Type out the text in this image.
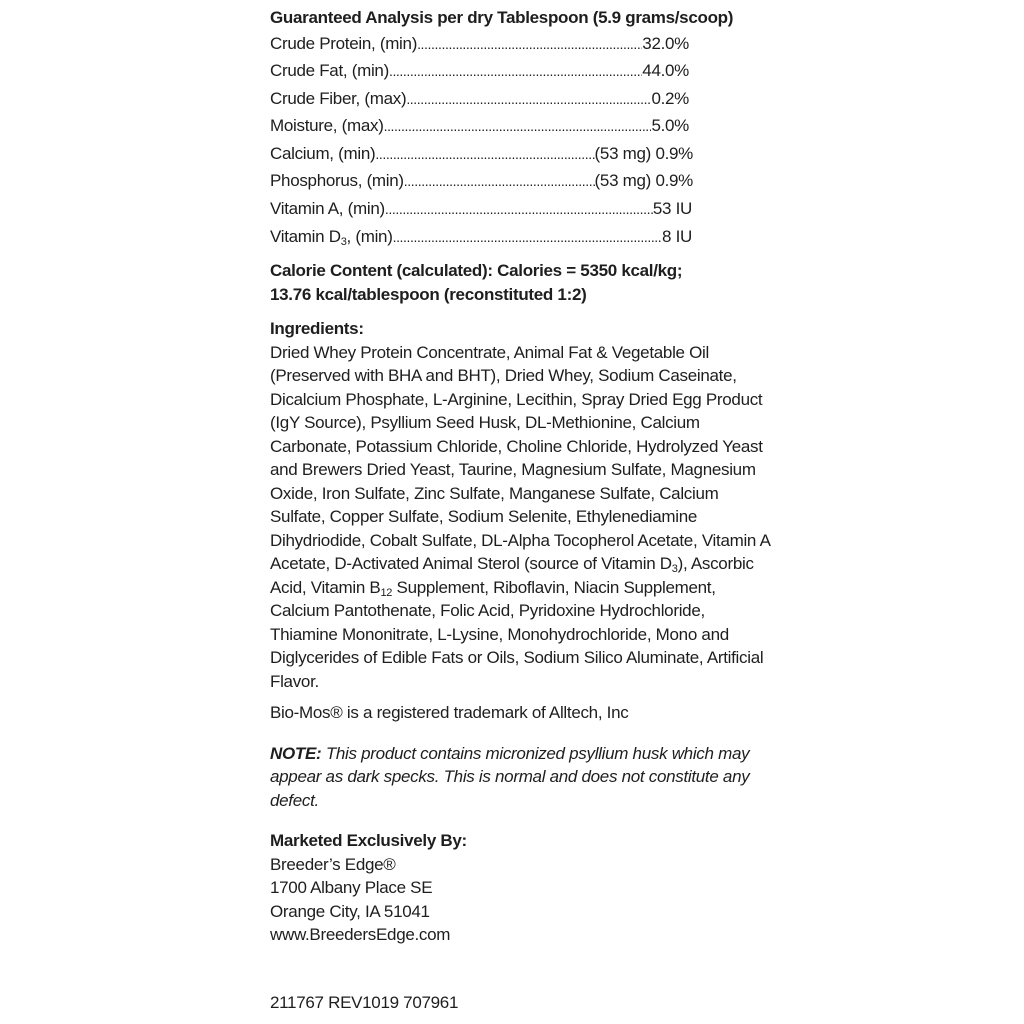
Guaranteed Analysis per dry Tablespoon (5.9 grams/scoop)

Crude Protein, (min) .....	32.0%
Crude Fat, (min) .....	44.0%
Crude Fiber, (max) .....	0.2%
Moisture, (max) .....	5.0%
Calcium, (min) .....	(53 mg) 0.9%
Phosphorus, (min) .....	(53 mg) 0.9%
Vitamin A, (min) .....	53 IU
Vitamin $D_3$, (min) .....	8 IU

Calorie Content (calculated): Calories = 5350 kcal/kg;

13.76 kcal/tablespoon (reconstituted 1:2)

Ingredients:

Dried Whey Protein Concentrate, Animal Fat & Vegetable Oil (Preserved with BHA and BHT), Dried Whey, Sodium Caseinate, Dicalcium Phosphate, L-Arginine, Lecithin, Spray Dried Egg Product (IgY Source), Psyllium Seed Husk, DL-Methionine, Calcium Carbonate, Potassium Chloride, Choline Chloride, Hydrolyzed Yeast and Brewers Dried Yeast, Taurine, Magnesium Sulfate, Magnesium Oxide, Iron Sulfate, Zinc Sulfate, Manganese Sulfate, Calcium Sulfate, Copper Sulfate, Sodium Selenite, Ethylenediamine Dihydriodide, Cobalt Sulfate, DL-Alpha Tocopherol Acetate, Vitamin A Acetate, D-Activated Animal Sterol (source of Vitamin $D_3$), Ascorbic Acid, Vitamin $B_{12}$ Supplement, Riboflavin, Niacin Supplement, Calcium Pantothenate, Folic Acid, Pyridoxine Hydrochloride, Thiamine Mononitrate, L-Lysine, Monohydrochloride, Mono and Diglycerides of Edible Fats or Oils, Sodium Silico Aluminate, Artificial Flavor.

Bio-Mos® is a registered trademark of Alltech, Inc

NOTE: This product contains micronized psyllium husk which may appear as dark specks. This is normal and does not constitute any defect.

Marketed Exclusively By:

Breeder’s Edge®

1700 Albany Place SE

Orange City, IA 51041

www.BreedersEdge.com

211767 REV1019 707961
